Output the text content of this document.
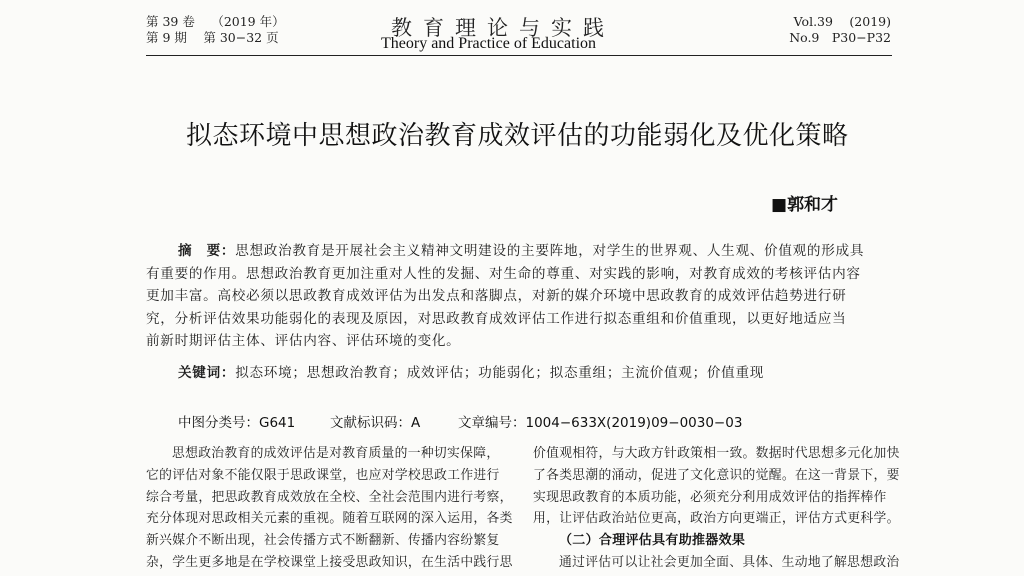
第 39 卷　 （2019 年）
第 9 期　 第 30−32 页	教育理论与实践
Theory and Practice of Education
Vol.39　 (2019)
No.9　P30−P32
拟态环境中思想政治教育成效评估的功能弱化及优化策略
■郭和才
摘　要：思想政治教育是开展社会主义精神文明建设的主要阵地，对学生的世界观、人生观、价值观的形成具
有重要的作用。思想政治教育更加注重对人性的发掘、对生命的尊重、对实践的影响，对教育成效的考核评估内容
更加丰富。高校必须以思政教育成效评估为出发点和落脚点，对新的媒介环境中思政教育的成效评估趋势进行研
究，分析评估效果功能弱化的表现及原因，对思政教育成效评估工作进行拟态重组和价值重现，以更好地适应当
前新时期评估主体、评估内容、评估环境的变化。
关键词：拟态环境；思想政治教育；成效评估；功能弱化；拟态重组；主流价值观；价值重现
中图分类号：G641	文献标识码：A	文章编号：1004−633X(2019)09−0030−03
思想政治教育的成效评估是对教育质量的一种切实保障，
它的评估对象不能仅限于思政课堂，也应对学校思政工作进行
综合考量，把思政教育成效放在全校、全社会范围内进行考察，
充分体现对思政相关元素的重视。随着互联网的深入运用，各类
新兴媒介不断出现，社会传播方式不断翻新、传播内容纷繁复
杂，学生更多地是在学校课堂上接受思政知识，在生活中践行思
价值观相符，与大政方针政策相一致。数据时代思想多元化加快
了各类思潮的涌动，促进了文化意识的觉醒。在这一背景下，要
实现思政教育的本质功能，必须充分利用成效评估的指挥棒作
用，让评估政治站位更高，政治方向更端正，评估方式更科学。
（二）合理评估具有助推器效果
通过评估可以让社会更加全面、具体、生动地了解思想政治
